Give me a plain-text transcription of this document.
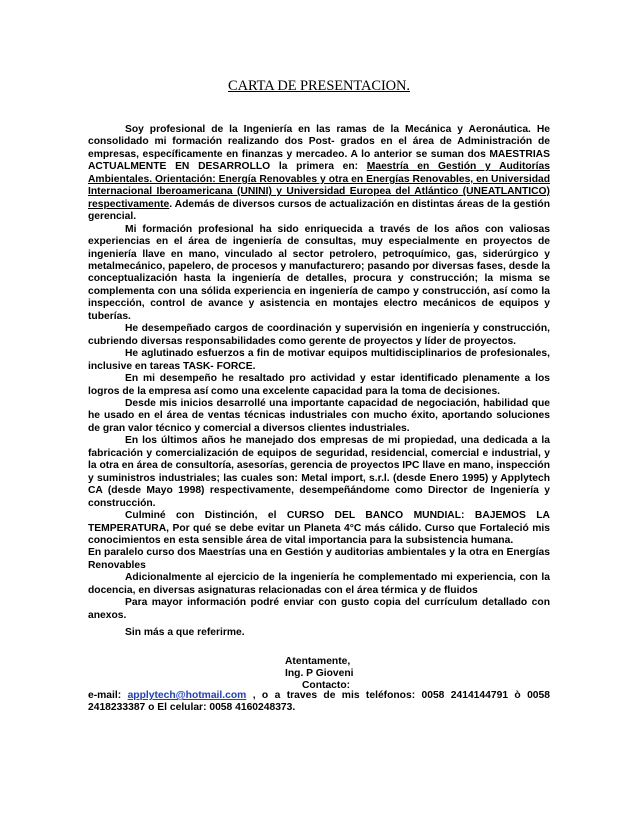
CARTA DE PRESENTACION.

Soy profesional de la Ingeniería en las ramas de la Mecánica y Aeronáutica. He consolidado mi formación realizando dos Post- grados en el área de Administración de empresas, específicamente en finanzas y mercadeo. A lo anterior se suman dos MAESTRIAS ACTUALMENTE EN DESARROLLO la primera en: Maestría en Gestión y Auditorías Ambientales. Orientación: Energía Renovables y otra en Energías Renovables, en Universidad Internacional Iberoamericana (UNINI) y Universidad Europea del Atlántico (UNEATLANTICO) respectivamente. Además de diversos cursos de actualización en distintas áreas de la gestión gerencial.

Mi formación profesional ha sido enriquecida a través de los años con valiosas experiencias en el área de ingeniería de consultas, muy especialmente en proyectos de ingeniería llave en mano, vinculado al sector petrolero, petroquímico, gas, siderúrgico y metalmecánico, papelero, de procesos y manufacturero; pasando por diversas fases, desde la conceptualización hasta la ingeniería de detalles, procura y construcción; la misma se complementa con una sólida experiencia en ingeniería de campo y construcción, así como la inspección, control de avance y asistencia en montajes electro mecánicos de equipos y tuberías.

He desempeñado cargos de coordinación y supervisión en ingeniería y construcción, cubriendo diversas responsabilidades como gerente de proyectos y líder de proyectos.

He aglutinado esfuerzos a fin de motivar equipos multidisciplinarios de profesionales, inclusive en tareas TASK- FORCE.

En mi desempeño he resaltado pro actividad y estar identificado plenamente a los logros de la empresa así como una excelente capacidad para la toma de decisiones.

Desde mis inicios desarrollé una importante capacidad de negociación, habilidad que he usado en el área de ventas técnicas industriales con mucho éxito, aportando soluciones de gran valor técnico y comercial a diversos clientes industriales.

En los últimos años he manejado dos empresas de mi propiedad, una dedicada a la fabricación y comercialización de equipos de seguridad, residencial, comercial e industrial, y la otra en área de consultoría, asesorías, gerencia de proyectos IPC llave en mano, inspección y suministros industriales; las cuales son: Metal import, s.r.l. (desde Enero 1995) y Applytech CA (desde Mayo 1998) respectivamente, desempeñándome como Director de Ingeniería y construcción.

Culminé con Distinción, el CURSO DEL BANCO MUNDIAL: BAJEMOS LA TEMPERATURA, Por qué se debe evitar un Planeta 4°C más cálido. Curso que Fortaleció mis conocimientos en esta sensible área de vital importancia para la subsistencia humana.

En paralelo curso dos Maestrías una en Gestión y auditorias ambientales y la otra en Energías Renovables

Adicionalmente al ejercicio de la ingeniería he complementado mi experiencia, con la docencia, en diversas asignaturas relacionadas con el área térmica y de fluidos

Para mayor información podré enviar con gusto copia del currículum detallado con anexos.

Sin más a que referirme.
Atentamente,
Ing. P Gioveni
Contacto:
e-mail: applytech@hotmail.com , o a traves de mis teléfonos: 0058 2414144791 ò 0058 2418233387 o El celular: 0058 4160248373.
